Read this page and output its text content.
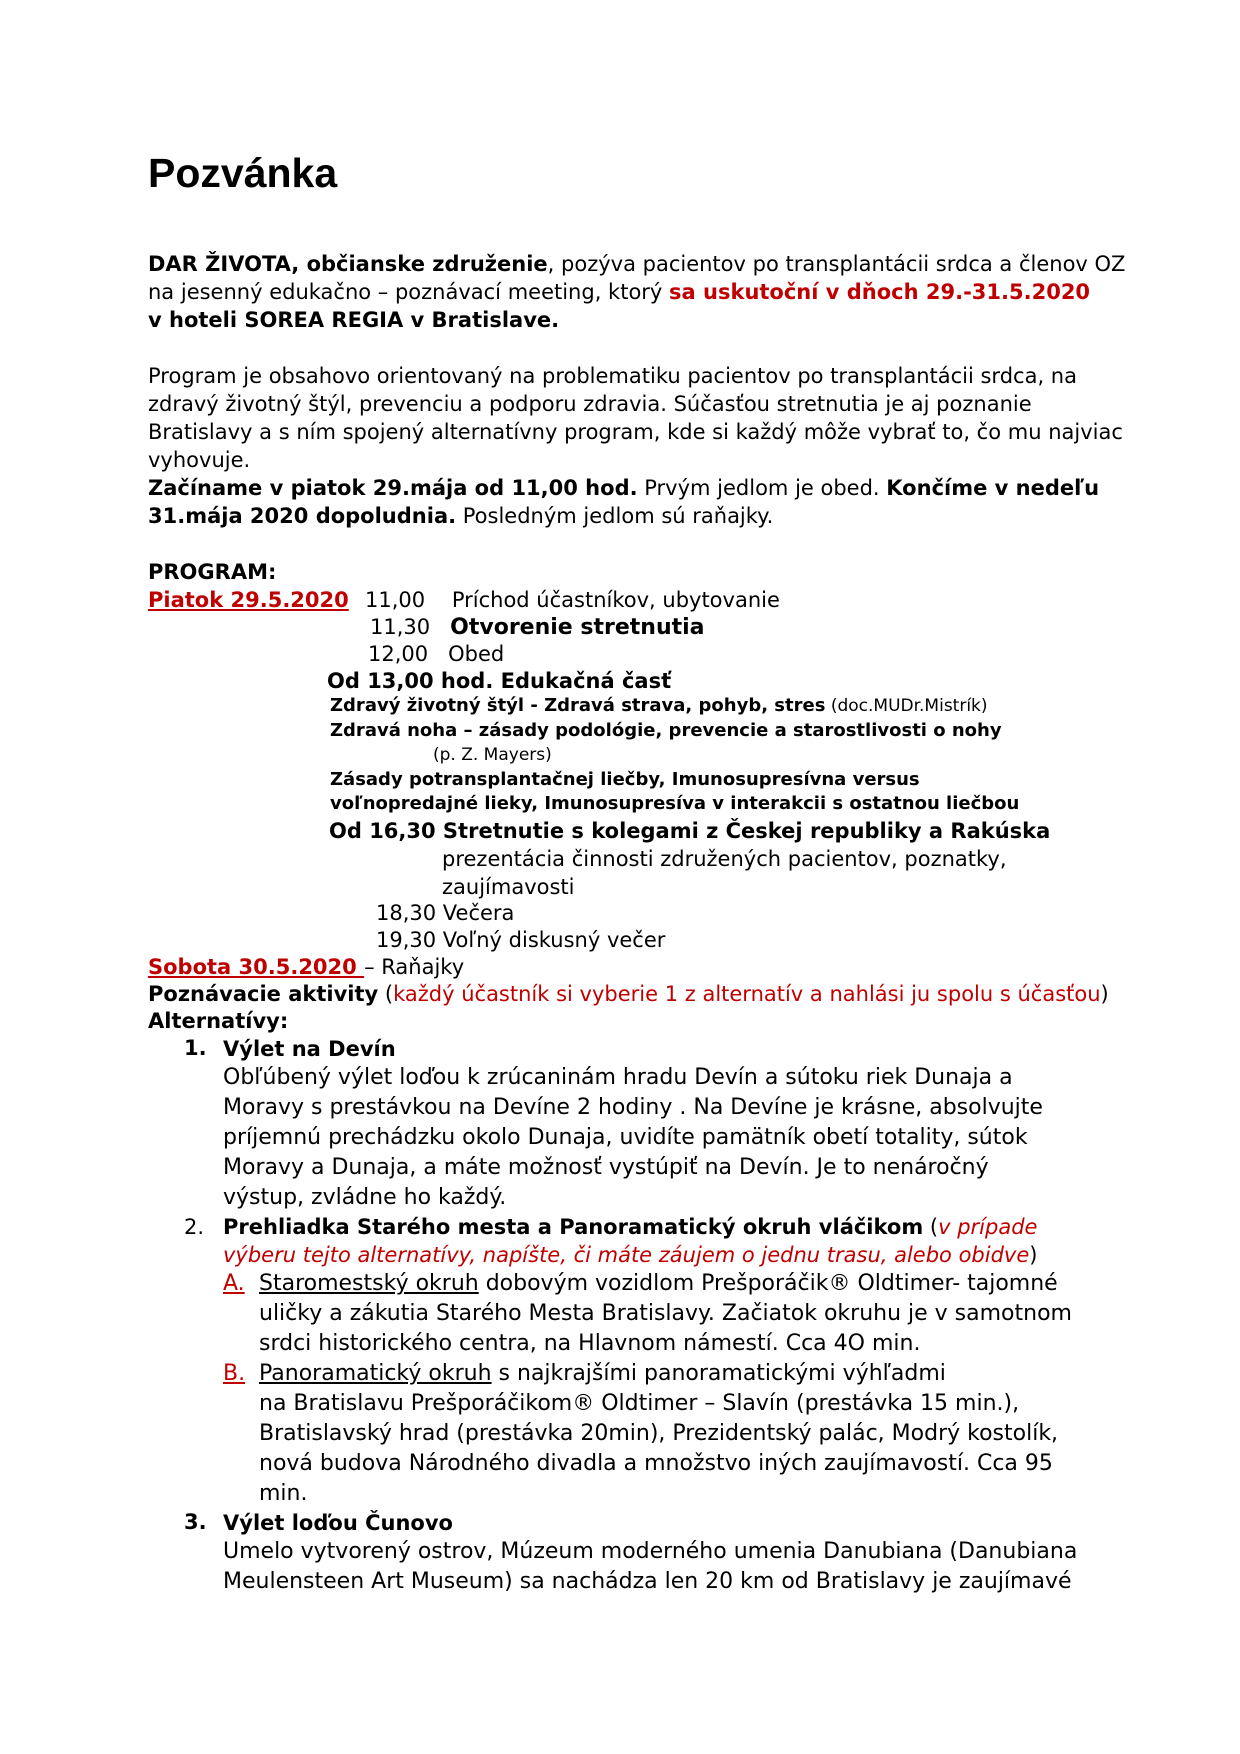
Pozvánka
DAR ŽIVOTA, občianske združenie, pozýva pacientov po transplantácii srdca a členov OZ
na jesenný edukačno – poznávací meeting, ktorý sa uskutoční v dňoch 29.-31.5.2020
v hoteli SOREA REGIA v Bratislave.
Program je obsahovo orientovaný na problematiku pacientov po transplantácii srdca, na
zdravý životný štýl, prevenciu a podporu zdravia. Súčasťou stretnutia je aj poznanie
Bratislavy a s ním spojený alternatívny program, kde si každý môže vybrať to, čo mu najviac
vyhovuje.
Začíname v piatok 29.mája od 11,00 hod. Prvým jedlom je obed. Končíme v nedeľu
31.mája 2020 dopoludnia. Posledným jedlom sú raňajky.
PROGRAM:
Piatok 29.5.2020 11,00 Príchod účastníkov, ubytovanie
11,30 Otvorenie stretnutia
12,00 Obed
Od 13,00 hod. Edukačná časť
Zdravý životný štýl - Zdravá strava, pohyb, stres (doc.MUDr.Mistrík)
Zdravá noha – zásady podológie, prevencie a starostlivosti o nohy
(p. Z. Mayers)
Zásady potransplantačnej liečby, Imunosupresívna versus
voľnopredajné lieky, Imunosupresíva v interakcii s ostatnou liečbou
Od 16,30 Stretnutie s kolegami z Českej republiky a Rakúska
prezentácia činnosti združených pacientov, poznatky,
zaujímavosti
18,30 Večera
19,30 Voľný diskusný večer
Sobota 30.5.2020 – Raňajky
Poznávacie aktivity (každý účastník si vyberie 1 z alternatív a nahlási ju spolu s účasťou)
Alternatívy:
1. Výlet na Devín
Obľúbený výlet loďou k zrúcaninám hradu Devín a sútoku riek Dunaja a
Moravy s prestávkou na Devíne 2 hodiny . Na Devíne je krásne, absolvujte
príjemnú prechádzku okolo Dunaja, uvidíte pamätník obetí totality, sútok
Moravy a Dunaja, a máte možnosť vystúpiť na Devín. Je to nenáročný
výstup, zvládne ho každý.
2. Prehliadka Starého mesta a Panoramatický okruh vláčikom (v prípade
výberu tejto alternatívy, napíšte, či máte záujem o jednu trasu, alebo obidve)
A. Staromestský okruh dobovým vozidlom Prešporáčik® Oldtimer- tajomné
uličky a zákutia Starého Mesta Bratislavy. Začiatok okruhu je v samotnom
srdci historického centra, na Hlavnom námestí. Cca 4O min.
B. Panoramatický okruh s najkrajšími panoramatickými výhľadmi
na Bratislavu Prešporáčikom® Oldtimer – Slavín (prestávka 15 min.),
Bratislavský hrad (prestávka 20min), Prezidentský palác, Modrý kostolík,
nová budova Národného divadla a množstvo iných zaujímavostí. Cca 95
min.
3. Výlet loďou Čunovo
Umelo vytvorený ostrov, Múzeum moderného umenia Danubiana (Danubiana
Meulensteen Art Museum) sa nachádza len 20 km od Bratislavy je zaujímavé
